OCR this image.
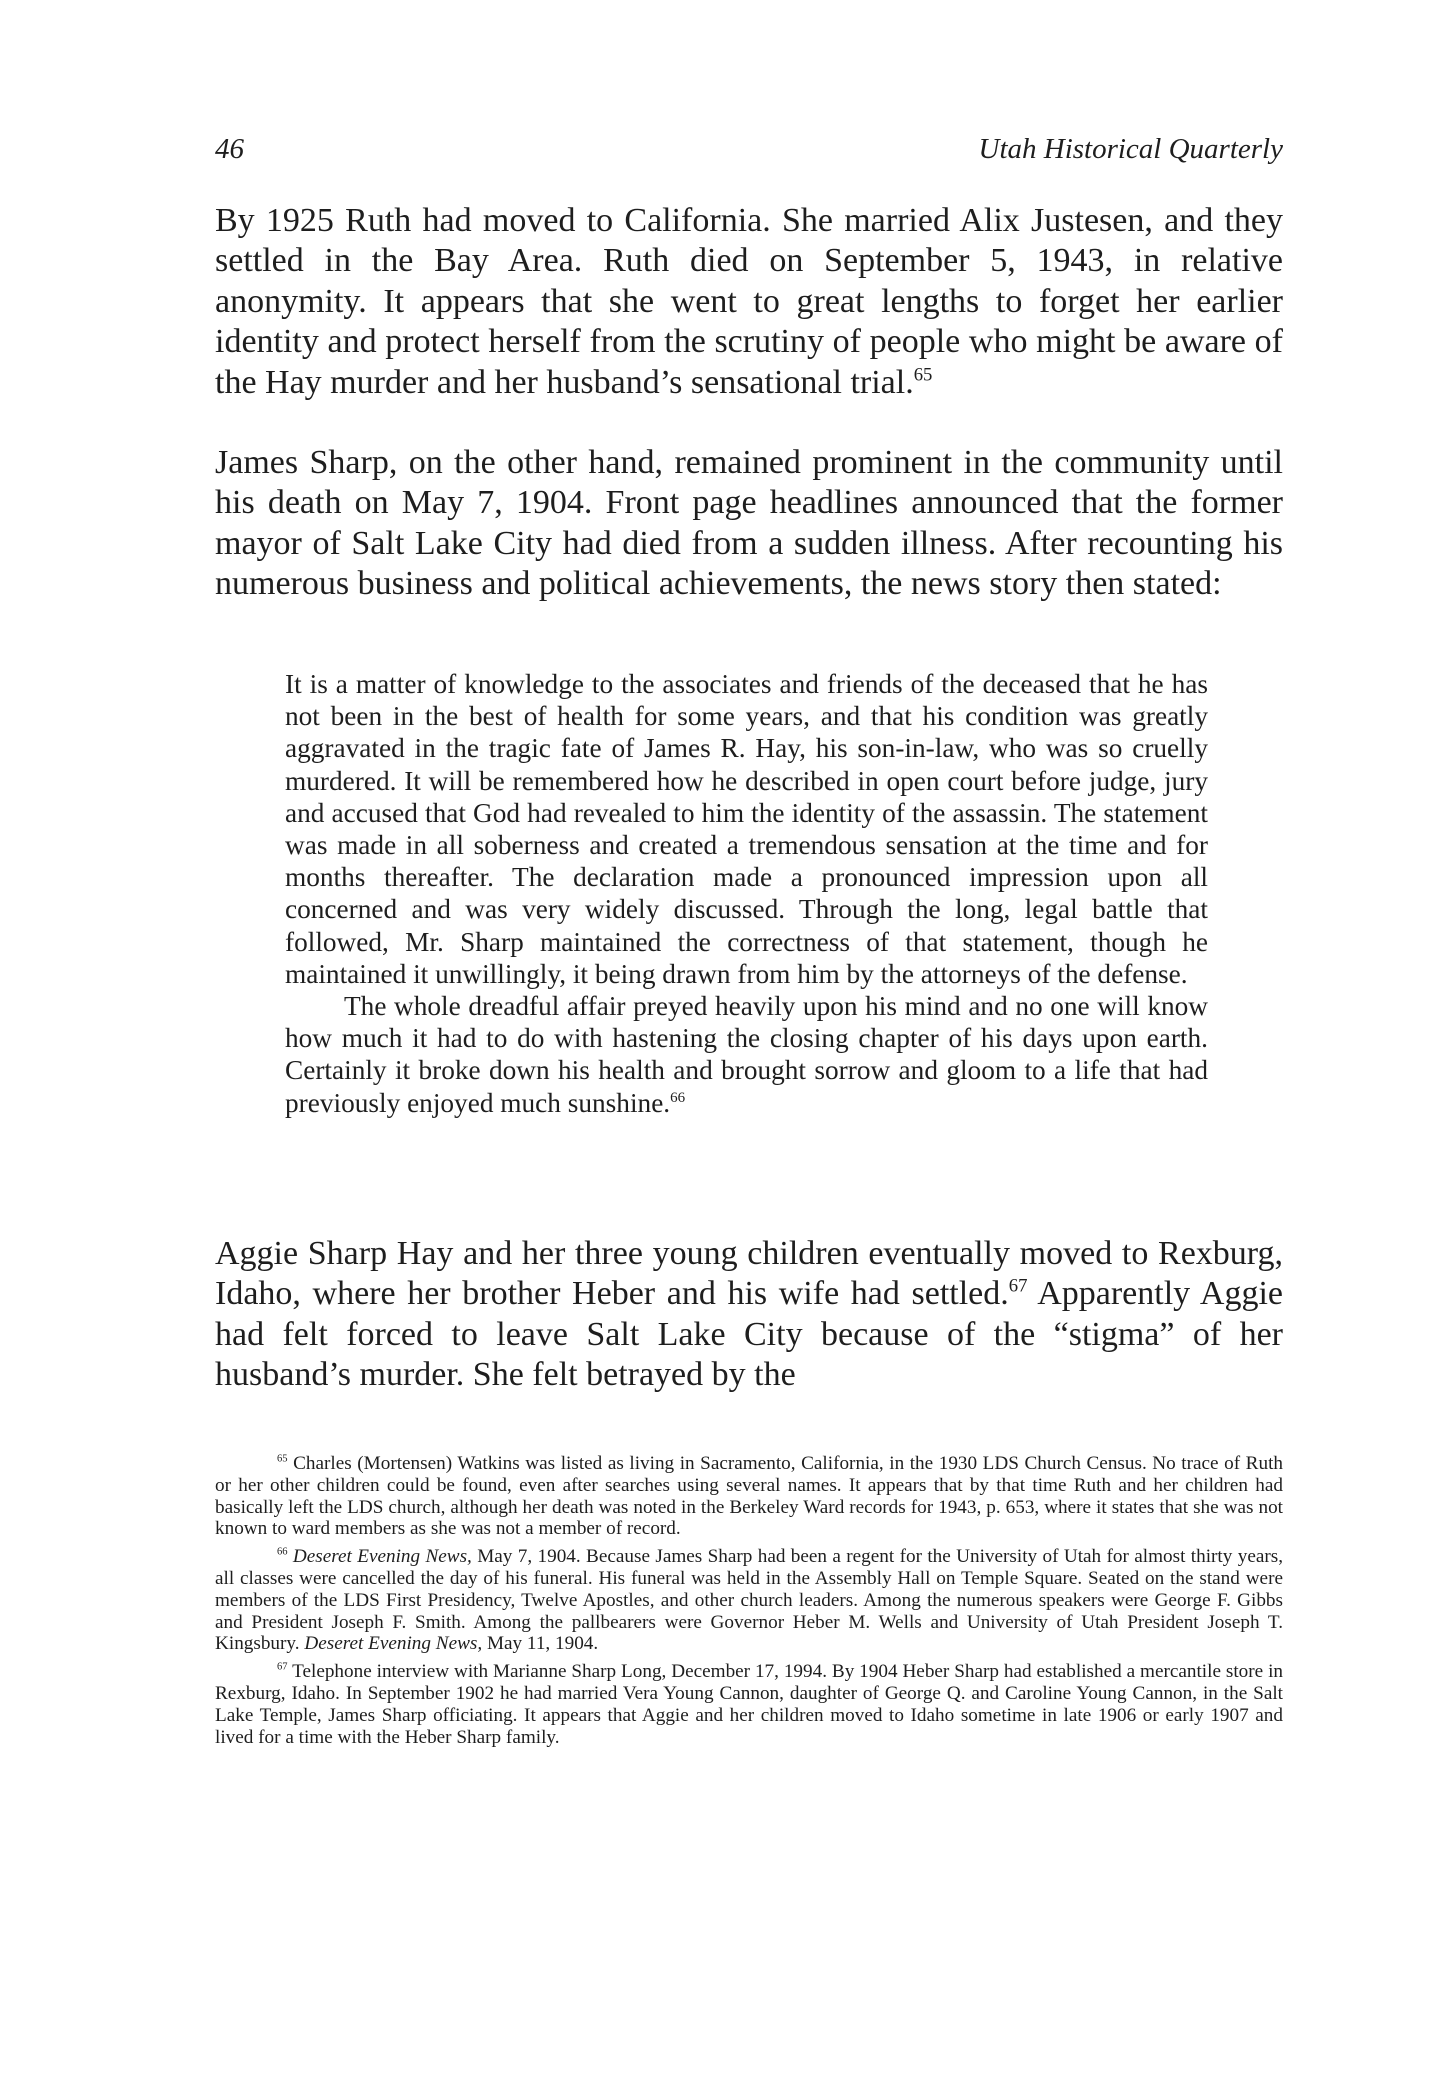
46	Utah Historical Quarterly

By 1925 Ruth had moved to California. She married Alix Justesen, and they settled in the Bay Area. Ruth died on September 5, 1943, in relative anonymity. It appears that she went to great lengths to forget her earlier identity and protect herself from the scrutiny of people who might be aware of the Hay murder and her husband’s sensational trial.$^{65}$

James Sharp, on the other hand, remained prominent in the community until his death on May 7, 1904. Front page headlines announced that the former mayor of Salt Lake City had died from a sudden illness. After recounting his numerous business and political achievements, the news story then stated:

It is a matter of knowledge to the associates and friends of the deceased that he has not been in the best of health for some years, and that his condition was greatly aggravated in the tragic fate of James R. Hay, his son-in-law, who was so cruelly murdered. It will be remembered how he described in open court before judge, jury and accused that God had revealed to him the identity of the assassin. The statement was made in all soberness and created a tremendous sensation at the time and for months thereafter. The declaration made a pronounced impression upon all concerned and was very widely discussed. Through the long, legal battle that followed, Mr. Sharp maintained the correctness of that statement, though he maintained it unwillingly, it being drawn from him by the attorneys of the defense.

The whole dreadful affair preyed heavily upon his mind and no one will know how much it had to do with hastening the closing chapter of his days upon earth. Certainly it broke down his health and brought sorrow and gloom to a life that had previously enjoyed much sunshine.$^{66}$

Aggie Sharp Hay and her three young children eventually moved to Rexburg, Idaho, where her brother Heber and his wife had settled.$^{67}$ Apparently Aggie had felt forced to leave Salt Lake City because of the “stigma” of her husband’s murder. She felt betrayed by the

$^{65}$ Charles (Mortensen) Watkins was listed as living in Sacramento, California, in the 1930 LDS Church Census. No trace of Ruth or her other children could be found, even after searches using several names. It appears that by that time Ruth and her children had basically left the LDS church, although her death was noted in the Berkeley Ward records for 1943, p. 653, where it states that she was not known to ward members as she was not a member of record.

$^{66}$ Deseret Evening News, May 7, 1904. Because James Sharp had been a regent for the University of Utah for almost thirty years, all classes were cancelled the day of his funeral. His funeral was held in the Assembly Hall on Temple Square. Seated on the stand were members of the LDS First Presidency, Twelve Apostles, and other church leaders. Among the numerous speakers were George F. Gibbs and President Joseph F. Smith. Among the pallbearers were Governor Heber M. Wells and University of Utah President Joseph T. Kingsbury. Deseret Evening News, May 11, 1904.

$^{67}$ Telephone interview with Marianne Sharp Long, December 17, 1994. By 1904 Heber Sharp had established a mercantile store in Rexburg, Idaho. In September 1902 he had married Vera Young Cannon, daughter of George Q. and Caroline Young Cannon, in the Salt Lake Temple, James Sharp officiating. It appears that Aggie and her children moved to Idaho sometime in late 1906 or early 1907 and lived for a time with the Heber Sharp family.
